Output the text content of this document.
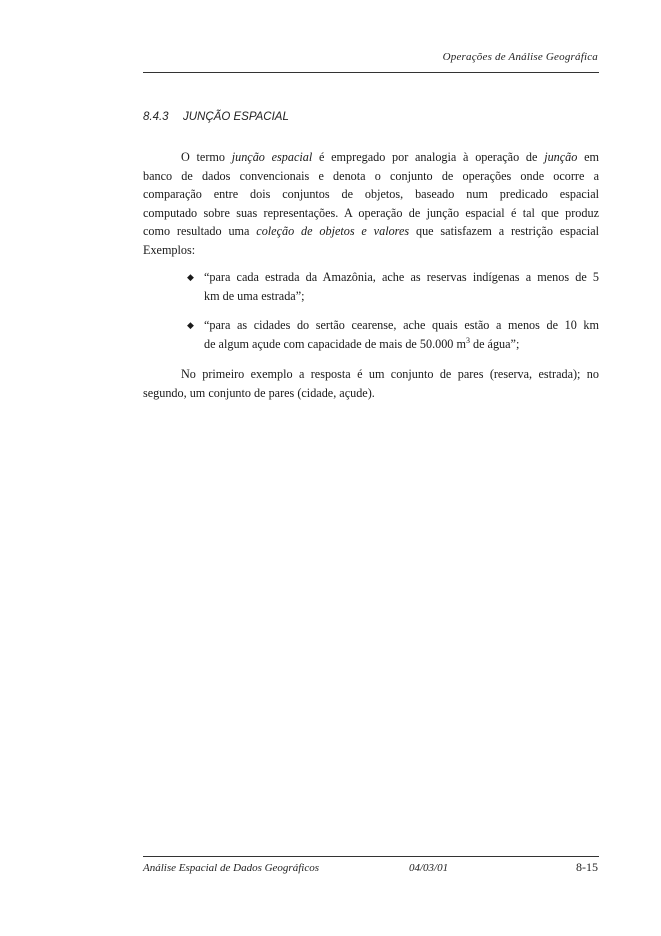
Operações de Análise Geográfica
8.4.3 JUNÇÃO ESPACIAL
O termo junção espacial é empregado por analogia à operação de junção em
banco de dados convencionais e denota o conjunto de operações onde ocorre a
comparação entre dois conjuntos de objetos, baseado num predicado espacial
computado sobre suas representações. A operação de junção espacial é tal que produz
como resultado uma coleção de objetos e valores que satisfazem a restrição espacial
Exemplos:
◆ “para cada estrada da Amazônia, ache as reservas indígenas a menos de 5
km de uma estrada”;
◆ “para as cidades do sertão cearense, ache quais estão a menos de 10 km
de algum açude com capacidade de mais de 50.000 $m^3$ de água”;
No primeiro exemplo a resposta é um conjunto de pares (reserva, estrada); no
segundo, um conjunto de pares (cidade, açude).
Análise Espacial de Dados Geográficos	04/03/01	8-15
